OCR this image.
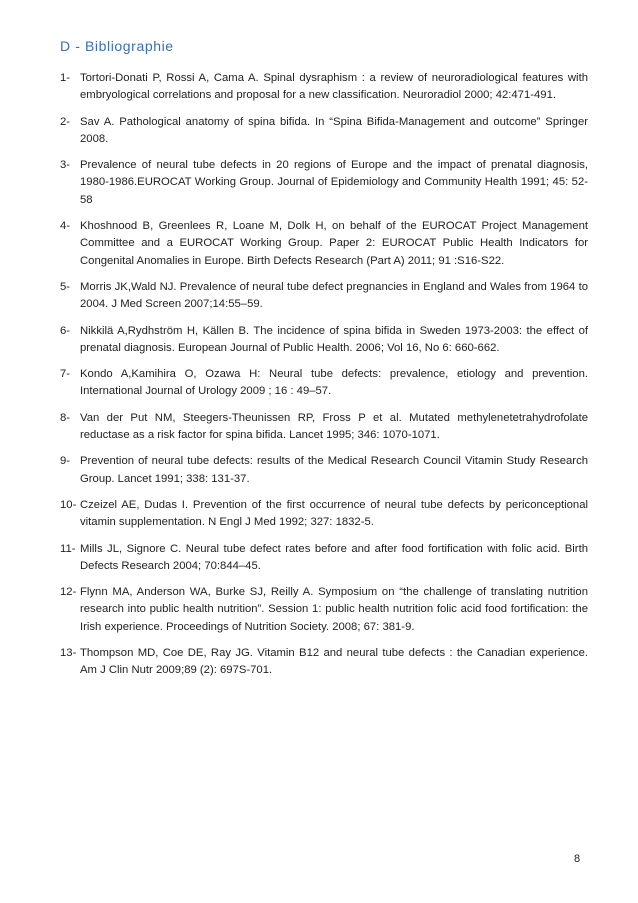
D - Bibliographie
1- Tortori-Donati P, Rossi A, Cama A. Spinal dysraphism : a review of neuroradiological features with embryological correlations and proposal for a new classification. Neuroradiol 2000; 42:471-491.
2- Sav A. Pathological anatomy of spina bifida. In “Spina Bifida-Management and outcome” Springer 2008.
3- Prevalence of neural tube defects in 20 regions of Europe and the impact of prenatal diagnosis, 1980-1986.EUROCAT Working Group. Journal of Epidemiology and Community Health 1991; 45: 52-58
4- Khoshnood B, Greenlees R, Loane M, Dolk H, on behalf of the EUROCAT Project Management Committee and a EUROCAT Working Group. Paper 2: EUROCAT Public Health Indicators for Congenital Anomalies in Europe. Birth Defects Research (Part A) 2011; 91 :S16-S22.
5- Morris JK,Wald NJ. Prevalence of neural tube defect pregnancies in England and Wales from 1964 to 2004. J Med Screen 2007;14:55–59.
6- Nikkilä A,Rydhström H, Källen B. The incidence of spina bifida in Sweden 1973-2003: the effect of prenatal diagnosis. European Journal of Public Health. 2006; Vol 16, No 6: 660-662.
7- Kondo A,Kamihira O, Ozawa H: Neural tube defects: prevalence, etiology and prevention. International Journal of Urology 2009 ; 16 : 49–57.
8- Van der Put NM, Steegers-Theunissen RP, Fross P et al. Mutated methylenetetrahydrofolate reductase as a risk factor for spina bifida. Lancet 1995; 346: 1070-1071.
9- Prevention of neural tube defects: results of the Medical Research Council Vitamin Study Research Group. Lancet 1991; 338: 131-37.
10- Czeizel AE, Dudas I. Prevention of the first occurrence of neural tube defects by periconceptional vitamin supplementation. N Engl J Med 1992; 327: 1832-5.
11- Mills JL, Signore C. Neural tube defect rates before and after food fortification with folic acid. Birth Defects Research 2004; 70:844–45.
12- Flynn MA, Anderson WA, Burke SJ, Reilly A. Symposium on “the challenge of translating nutrition research into public health nutrition”. Session 1: public health nutrition folic acid food fortification: the Irish experience. Proceedings of Nutrition Society. 2008; 67: 381-9.
13- Thompson MD, Coe DE, Ray JG. Vitamin B12 and neural tube defects : the Canadian experience. Am J Clin Nutr 2009;89 (2): 697S-701.
8
